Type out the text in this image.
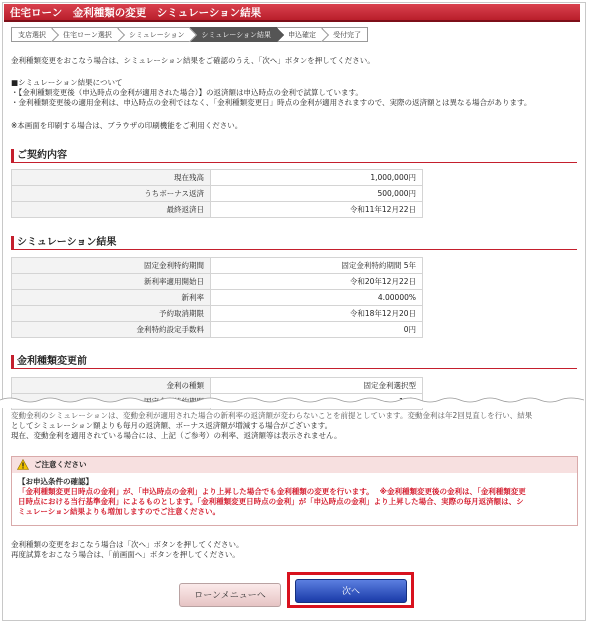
住宅ローン　金利種類の変更　シミュレーション結果
支店選択	住宅ローン選択	シミュレーション	シミュレーション結果	申込確定	受付完了
金利種類変更をおこなう場合は、シミュレーション結果をご確認のうえ、「次へ」ボタンを押してください。
■シミュレーション結果について
・【金利種類変更後（申込時点の金利が適用された場合）】の返済額は申込時点の金利で試算しています。
・金利種類変更後の適用金利は、申込時点の金利ではなく、「金利種類変更日」時点の金利が適用されますので、実際の返済額とは異なる場合があります。
※本画面を印刷する場合は、ブラウザの印刷機能をご利用ください。
ご契約内容
現在残高	1,000,000円
うちボーナス返済	500,000円
最終返済日	令和11年12月22日
シミュレーション結果
固定金利特約期間	固定金利特約期間 5年
新利率適用開始日	令和20年12月22日
新利率	4.00000%
予約取消期限	令和18年12月20日
金利特約設定手数料	0円
金利種類変更前
金利の種類	固定金利選択型

変動金利のシミュレーションは、変動金利が適用された場合の新利率の返済額が変わらないことを前提としています。変動金利は年2回見直しを行い、結果
としてシミュレーション額よりも毎月の返済額、ボーナス返済額が増減する場合がございます。
現在、変動金利を適用されている場合には、上記（ご参考）の利率、返済額等は表示されません。
ご注意ください
【お申込条件の確認】
「金利種類変更日時点の金利」が、「申込時点の金利」より上昇した場合でも金利種類の変更を行います。 ※金利種類変更後の金利は、「金利種類変更
日時点における当行基準金利」によるものとします。「金利種類変更日時点の金利」が「申込時点の金利」より上昇した場合、実際の毎月返済額は、シ
ミュレーション結果よりも増加しますのでご注意ください。
金利種類の変更をおこなう場合は「次へ」ボタンを押してください。
再度試算をおこなう場合は、「前画面へ」ボタンを押してください。
ローンメニューへ	次へ
